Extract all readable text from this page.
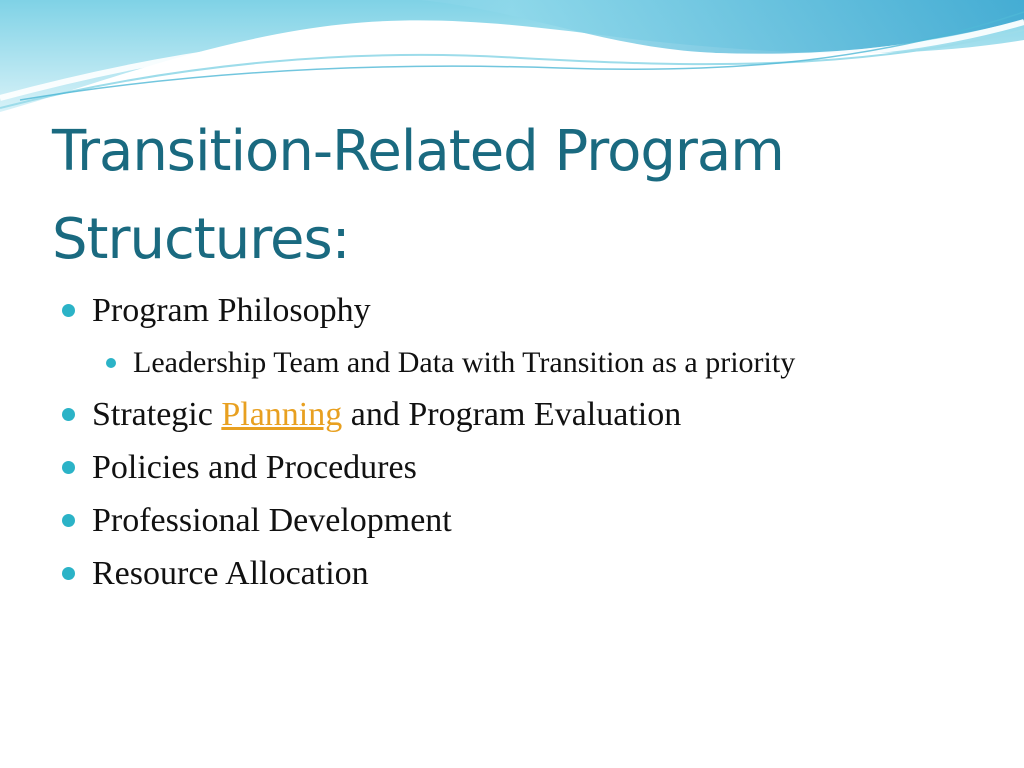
Transition-Related Program
Structures:
Program Philosophy
Leadership Team and Data with Transition as a priority
Strategic Planning and Program Evaluation
Policies and Procedures
Professional Development
Resource Allocation
